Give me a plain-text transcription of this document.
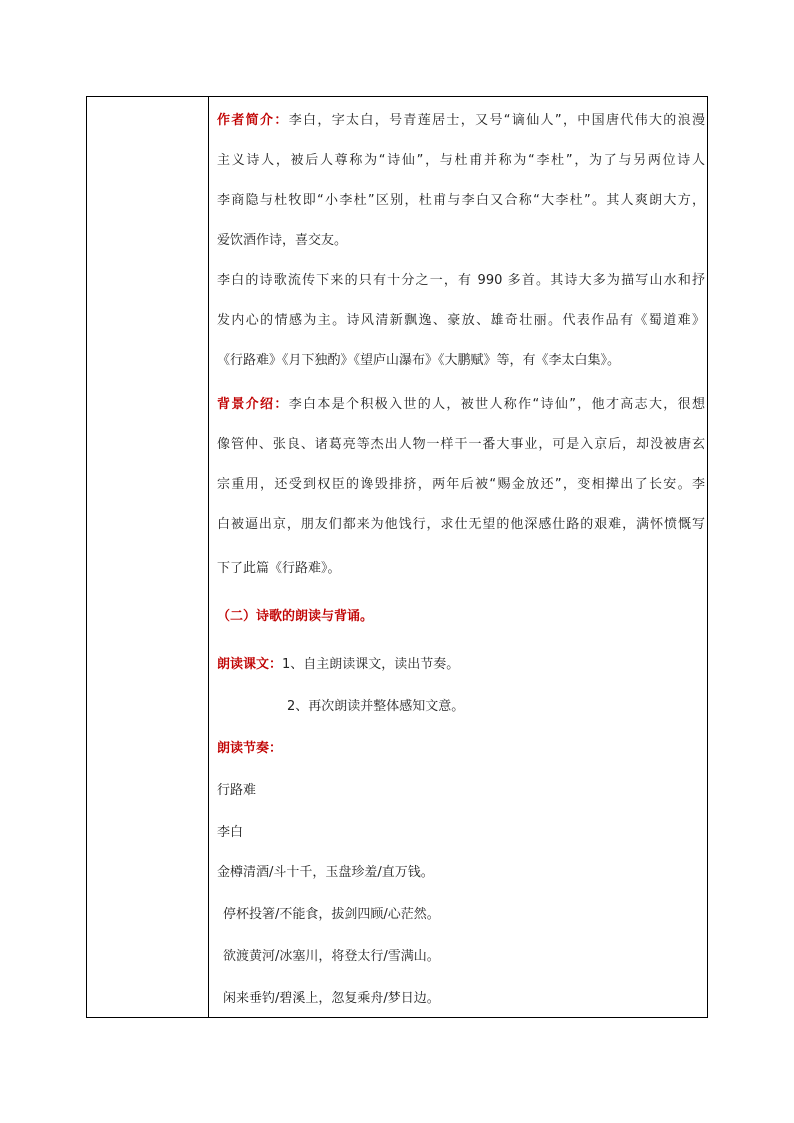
作者简介：李白，字太白，号青莲居士，又号“谪仙人”，中国唐代伟大的浪漫
主义诗人，被后人尊称为“诗仙”，与杜甫并称为“李杜”，为了与另两位诗人
李商隐与杜牧即“小李杜”区别，杜甫与李白又合称“大李杜”。其人爽朗大方，
爱饮酒作诗，喜交友。
李白的诗歌流传下来的只有十分之一，有 990 多首。其诗大多为描写山水和抒
发内心的情感为主。诗风清新飘逸、豪放、雄奇壮丽。代表作品有《蜀道难》
《行路难》《月下独酌》《望庐山瀑布》《大鹏赋》等，有《李太白集》。
背景介绍：李白本是个积极入世的人，被世人称作“诗仙”，他才高志大，很想
像管仲、张良、诸葛亮等杰出人物一样干一番大事业，可是入京后，却没被唐玄
宗重用，还受到权臣的谗毁排挤，两年后被“赐金放还”，变相撵出了长安。李
白被逼出京，朋友们都来为他饯行，求仕无望的他深感仕路的艰难，满怀愤慨写
下了此篇《行路难》。
（二）诗歌的朗读与背诵。
朗读课文：1、自主朗读课文，读出节奏。
2、再次朗读并整体感知文意。
朗读节奏：
行路难
李白
金樽清酒/斗十千，玉盘珍羞/直万钱。
停杯投箸/不能食，拔剑四顾/心茫然。
欲渡黄河/冰塞川，将登太行/雪满山。
闲来垂钓/碧溪上，忽复乘舟/梦日边。
